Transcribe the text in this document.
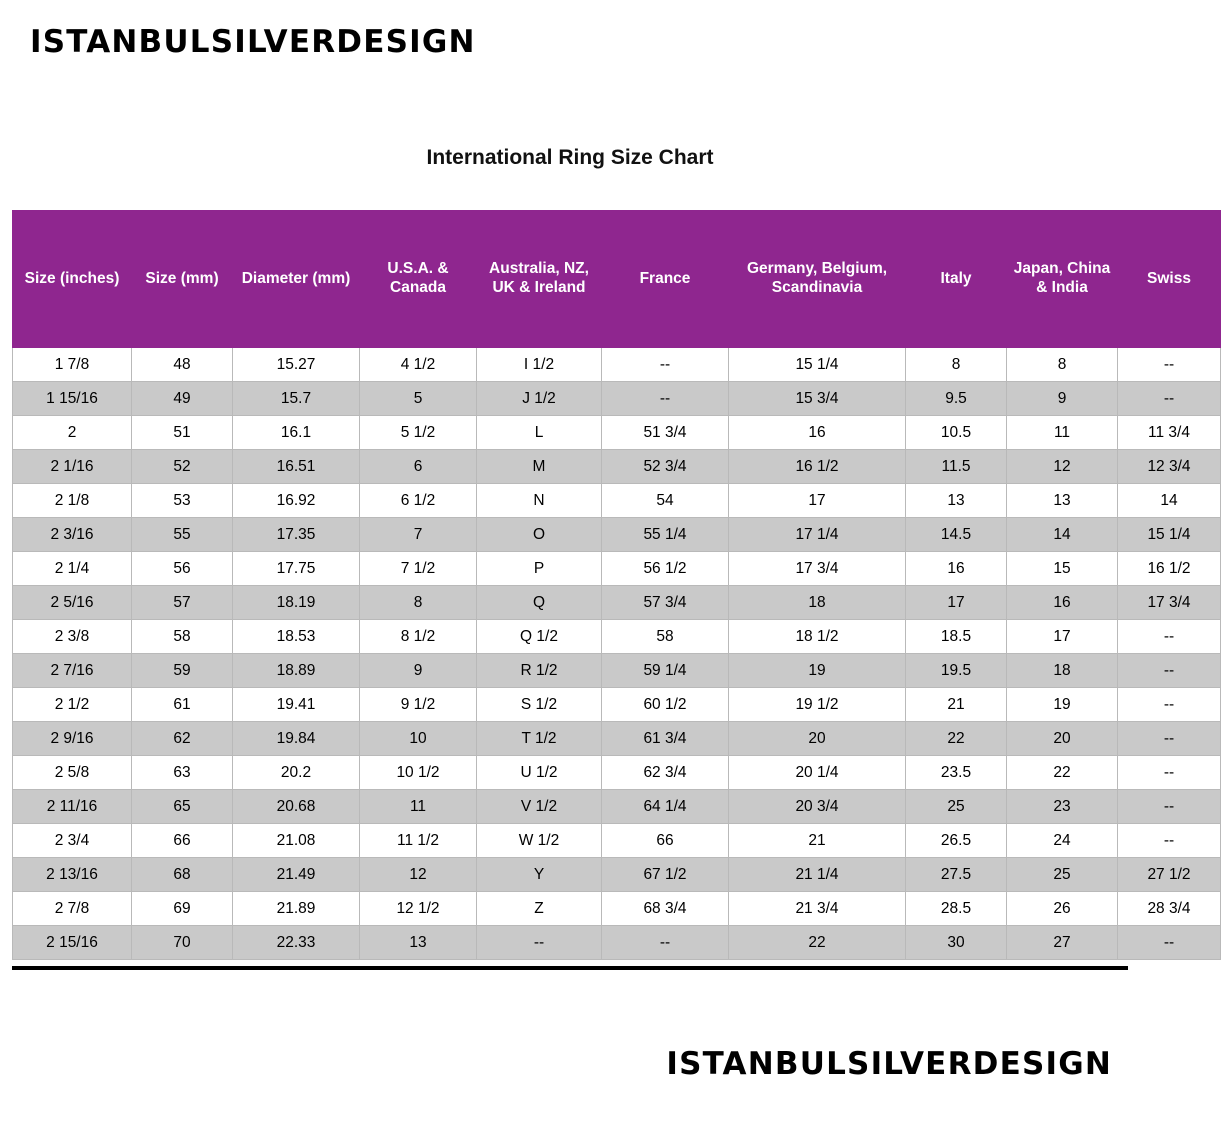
ISTANBULSILVERDESIGN
International Ring Size Chart
Size (inches)	Size (mm)	Diameter (mm)	U.S.A. & Canada	Australia, NZ, UK & Ireland	France	Germany, Belgium, Scandinavia	Italy	Japan, China & India	Swiss
1 7/8	48	15.27	4 1/2	I 1/2	--	15 1/4	8	8	--
1 15/16	49	15.7	5	J 1/2	--	15 3/4	9.5	9	--
2	51	16.1	5 1/2	L	51 3/4	16	10.5	11	11 3/4
2 1/16	52	16.51	6	M	52 3/4	16 1/2	11.5	12	12 3/4
2 1/8	53	16.92	6 1/2	N	54	17	13	13	14
2 3/16	55	17.35	7	O	55 1/4	17 1/4	14.5	14	15 1/4
2 1/4	56	17.75	7 1/2	P	56 1/2	17 3/4	16	15	16 1/2
2 5/16	57	18.19	8	Q	57 3/4	18	17	16	17 3/4
2 3/8	58	18.53	8 1/2	Q 1/2	58	18 1/2	18.5	17	--
2 7/16	59	18.89	9	R 1/2	59 1/4	19	19.5	18	--
2 1/2	61	19.41	9 1/2	S 1/2	60 1/2	19 1/2	21	19	--
2 9/16	62	19.84	10	T 1/2	61 3/4	20	22	20	--
2 5/8	63	20.2	10 1/2	U 1/2	62 3/4	20 1/4	23.5	22	--
2 11/16	65	20.68	11	V 1/2	64 1/4	20 3/4	25	23	--
2 3/4	66	21.08	11 1/2	W 1/2	66	21	26.5	24	--
2 13/16	68	21.49	12	Y	67 1/2	21 1/4	27.5	25	27 1/2
2 7/8	69	21.89	12 1/2	Z	68 3/4	21 3/4	28.5	26	28 3/4
2 15/16	70	22.33	13	--	--	22	30	27	--
ISTANBULSILVERDESIGN
